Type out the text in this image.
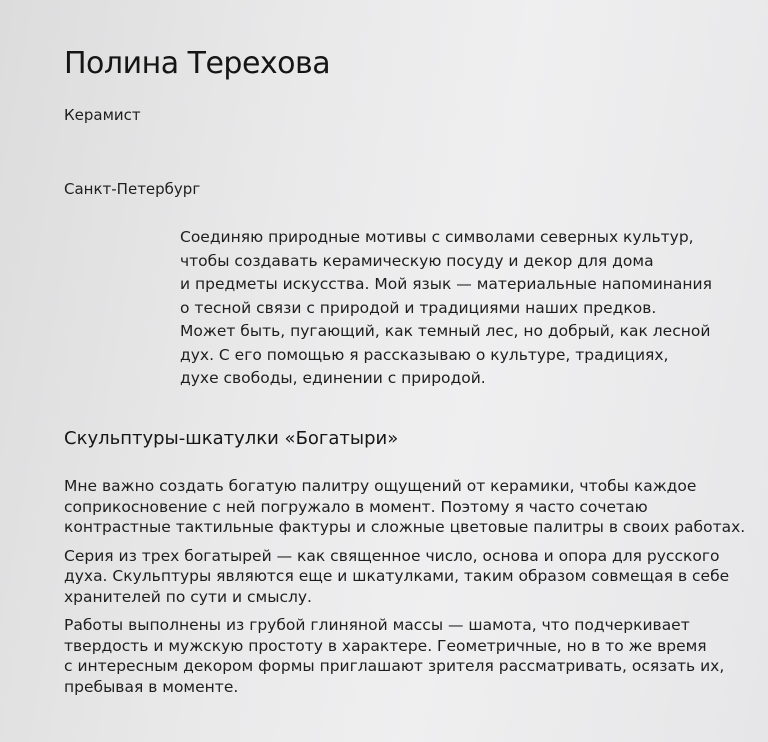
Полина Терехова
Керамист
Санкт-Петербург

Соединяю природные мотивы с символами северных культур,
чтобы создавать керамическую посуду и декор для дома
и предметы искусства. Мой язык — материальные напоминания
о тесной связи с природой и традициями наших предков.
Может быть, пугающий, как темный лес, но добрый, как лесной
дух. С его помощью я рассказываю о культуре, традициях,
духе свободы, единении с природой.

Скульптуры-шкатулки «Богатыри»

Мне важно создать богатую палитру ощущений от керамики, чтобы каждое
соприкосновение с ней погружало в момент. Поэтому я часто сочетаю
контрастные тактильные фактуры и сложные цветовые палитры в своих работах.

Серия из трех богатырей — как священное число, основа и опора для русского
духа. Скульптуры являются еще и шкатулками, таким образом совмещая в себе
хранителей по сути и смыслу.

Работы выполнены из грубой глиняной массы — шамота, что подчеркивает
твердость и мужскую простоту в характере. Геометричные, но в то же время
с интересным декором формы приглашают зрителя рассматривать, осязать их,
пребывая в моменте.
